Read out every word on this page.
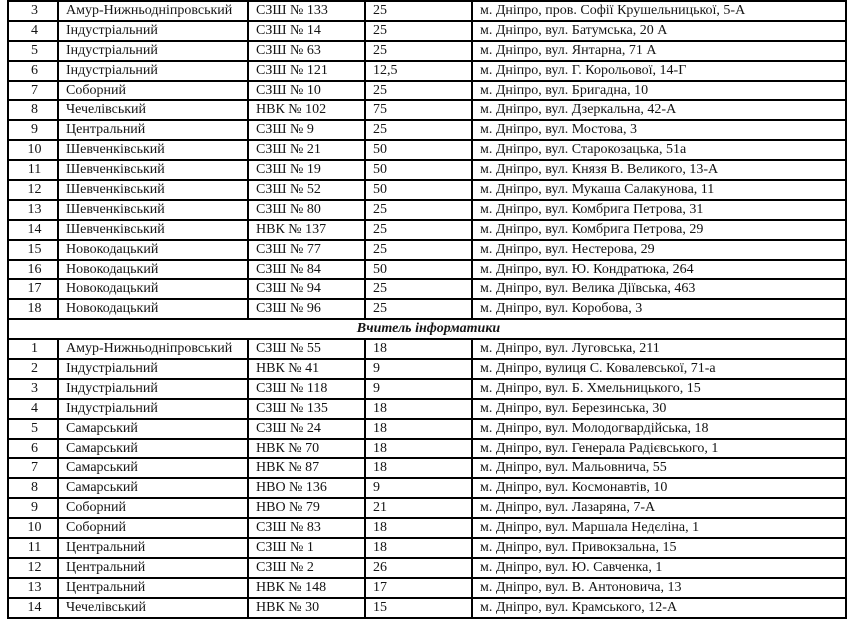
3	Амур-Нижньодніпровський	СЗШ № 133	25	м. Дніпро, пров. Софії Крушельницької, 5-А
4	Індустріальний	СЗШ № 14	25	м. Дніпро, вул. Батумська, 20 А
5	Індустріальний	СЗШ № 63	25	м. Дніпро, вул. Янтарна, 71 А
6	Індустріальний	СЗШ № 121	12,5	м. Дніпро, вул. Г. Корольової, 14-Г
7	Соборний	СЗШ № 10	25	м. Дніпро, вул. Бригадна, 10
8	Чечелівський	НВК № 102	75	м. Дніпро, вул. Дзеркальна, 42-А
9	Центральний	СЗШ № 9	25	м. Дніпро, вул. Мостова, 3
10	Шевченківський	СЗШ № 21	50	м. Дніпро, вул. Старокозацька, 51а
11	Шевченківський	СЗШ № 19	50	м. Дніпро, вул. Князя В. Великого, 13-А
12	Шевченківський	СЗШ № 52	50	м. Дніпро, вул. Мукаша Салакунова, 11
13	Шевченківський	СЗШ № 80	25	м. Дніпро, вул. Комбрига Петрова, 31
14	Шевченківський	НВК № 137	25	м. Дніпро, вул. Комбрига Петрова, 29
15	Новокодацький	СЗШ № 77	25	м. Дніпро, вул. Нестерова, 29
16	Новокодацький	СЗШ № 84	50	м. Дніпро, вул. Ю. Кондратюка, 264
17	Новокодацький	СЗШ № 94	25	м. Дніпро, вул. Велика Діївська, 463
18	Новокодацький	СЗШ № 96	25	м. Дніпро, вул. Коробова, 3
Вчитель інформатики				
1	Амур-Нижньодніпровський	СЗШ № 55	18	м. Дніпро, вул. Луговська, 211
2	Індустріальний	НВК № 41	9	м. Дніпро, вулиця С. Ковалевської, 71-а
3	Індустріальний	СЗШ № 118	9	м. Дніпро, вул. Б. Хмельницького, 15
4	Індустріальний	СЗШ № 135	18	м. Дніпро, вул. Березинська, 30
5	Самарський	СЗШ № 24	18	м. Дніпро, вул. Молодогвардійська, 18
6	Самарський	НВК № 70	18	м. Дніпро, вул. Генерала Радієвського, 1
7	Самарський	НВК № 87	18	м. Дніпро, вул. Мальовнича, 55
8	Самарський	НВО № 136	9	м. Дніпро, вул. Космонавтів, 10
9	Соборний	НВО № 79	21	м. Дніпро, вул. Лазаряна, 7-А
10	Соборний	СЗШ № 83	18	м. Дніпро, вул. Маршала Недєліна, 1
11	Центральний	СЗШ № 1	18	м. Дніпро, вул. Привокзальна, 15
12	Центральний	СЗШ № 2	26	м. Дніпро, вул. Ю. Савченка, 1
13	Центральний	НВК № 148	17	м. Дніпро, вул. В. Антоновича, 13
14	Чечелівський	НВК № 30	15	м. Дніпро, вул. Крамського, 12-А
